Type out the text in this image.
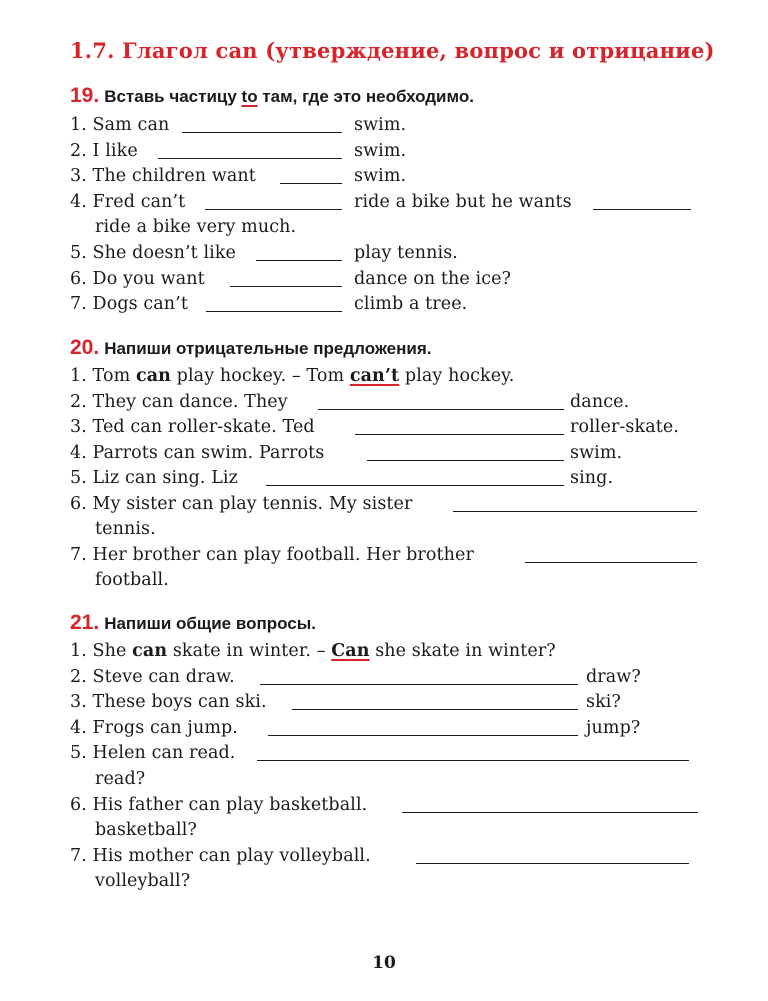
1.7. Глагол can (утверждение, вопрос и отрицание)
19. Вставь частицу to там, где это необходимо.
1. Sam can	swim.
2. I like	swim.
3. The children want	swim.
4. Fred can’t	ride a bike but he wants
ride a bike very much.
5. She doesn’t like	play tennis.
6. Do you want	dance on the ice?
7. Dogs can’t	climb a tree.
20. Напиши отрицательные предложения.
1. Tom can play hockey. – Tom can’t play hockey.
2. They can dance. They	dance.
3. Ted can roller-skate. Ted	roller-skate.
4. Parrots can swim. Parrots	swim.
5. Liz can sing. Liz	sing.
6. My sister can play tennis. My sister
tennis.
7. Her brother can play football. Her brother
football.
21. Напиши общие вопросы.
1. She can skate in winter. – Can she skate in winter?
2. Steve can draw.	draw?
3. These boys can ski.	ski?
4. Frogs can jump.	jump?
5. Helen can read.
read?
6. His father can play basketball.
basketball?
7. His mother can play volleyball.
volleyball?
10
